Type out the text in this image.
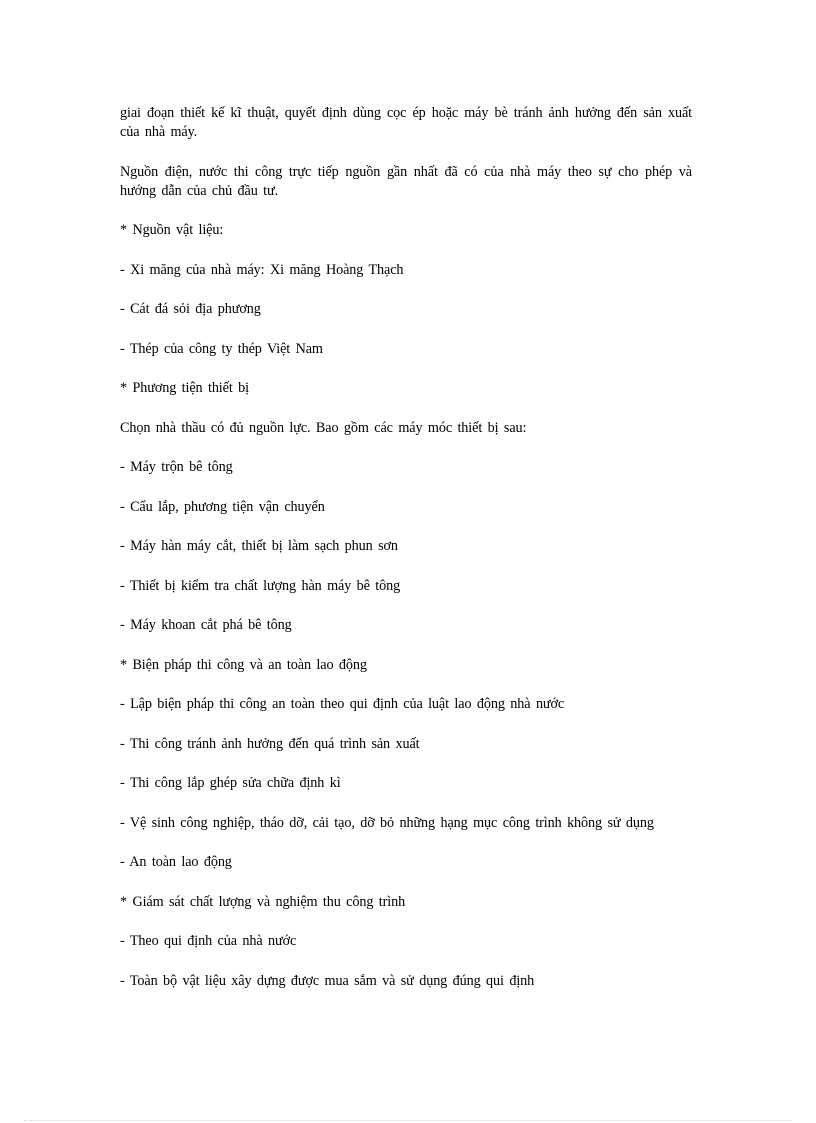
giai đoạn thiết kế kĩ thuật, quyết định dùng cọc ép hoặc máy bè tránh ảnh hưởng đến sản xuất của nhà máy.

Nguồn điện, nước thi công trực tiếp nguồn gần nhất đã có của nhà máy theo sự cho phép và hướng dẫn của chủ đầu tư.

* Nguồn vật liệu:

- Xi măng của nhà máy: Xi măng Hoàng Thạch

- Cát đá sỏi địa phương

- Thép của công ty thép Việt Nam

* Phương tiện thiết bị

Chọn nhà thầu có đủ nguồn lực. Bao gồm các máy móc thiết bị sau:

- Máy trộn bê tông

- Cẩu lắp, phương tiện vận chuyển

- Máy hàn máy cắt, thiết bị làm sạch phun sơn

- Thiết bị kiểm tra chất lượng hàn máy bê tông

- Máy khoan cắt phá bê tông

* Biện pháp thi công và an toàn lao động

- Lập biện pháp thi công an toàn theo qui định của luật lao động nhà nước

- Thi công tránh ảnh hưởng đến quá trình sản xuất

- Thi công lắp ghép sửa chữa định kì

- Vệ sinh công nghiệp, tháo dỡ, cải tạo, dỡ bỏ những hạng mục công trình không sử dụng

- An toàn lao động

* Giám sát chất lượng và nghiệm thu công trình

- Theo qui định của nhà nước

- Toàn bộ vật liệu xây dựng được mua sắm và sử dụng đúng qui định
